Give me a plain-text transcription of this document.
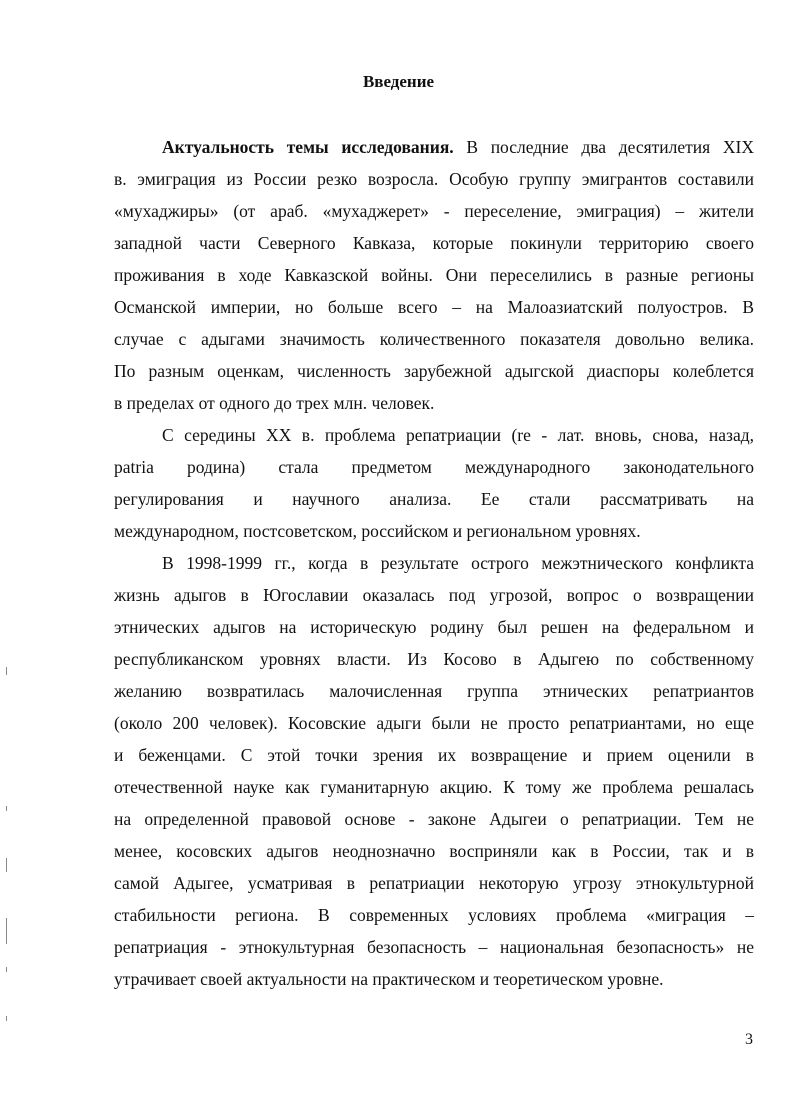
Введение
Актуальность темы исследования. В последние два десятилетия XIX
в. эмиграция из России резко возросла. Особую группу эмигрантов составили
«мухаджиры» (от араб. «мухаджерет» - переселение, эмиграция) – жители
западной части Северного Кавказа, которые покинули территорию своего
проживания в ходе Кавказской войны. Они переселились в разные регионы
Османской империи, но больше всего – на Малоазиатский полуостров. В
случае с адыгами значимость количественного показателя довольно велика.
По разным оценкам, численность зарубежной адыгской диаспоры колеблется
в пределах от одного до трех млн. человек.
С середины XX в. проблема репатриации (re - лат. вновь, снова, назад,
patria родина) стала предметом международного законодательного
регулирования и научного анализа. Ее стали рассматривать на
международном, постсоветском, российском и региональном уровнях.
В 1998-1999 гг., когда в результате острого межэтнического конфликта
жизнь адыгов в Югославии оказалась под угрозой, вопрос о возвращении
этнических адыгов на историческую родину был решен на федеральном и
республиканском уровнях власти. Из Косово в Адыгею по собственному
желанию возвратилась малочисленная группа этнических репатриантов
(около 200 человек). Косовские адыги были не просто репатриантами, но еще
и беженцами. С этой точки зрения их возвращение и прием оценили в
отечественной науке как гуманитарную акцию. К тому же проблема решалась
на определенной правовой основе - законе Адыгеи о репатриации. Тем не
менее, косовских адыгов неоднозначно восприняли как в России, так и в
самой Адыгее, усматривая в репатриации некоторую угрозу этнокультурной
стабильности региона. В современных условиях проблема «миграция –
репатриация - этнокультурная безопасность – национальная безопасность» не
утрачивает своей актуальности на практическом и теоретическом уровне.
3
